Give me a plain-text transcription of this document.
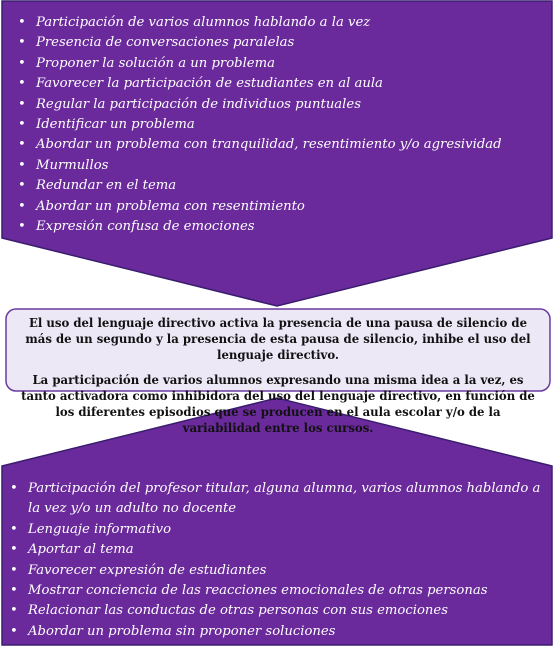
• Participación de varios alumnos hablando a la vez
• Presencia de conversaciones paralelas
• Proponer la solución a un problema
• Favorecer la participación de estudiantes en al aula
• Regular la participación de individuos puntuales
• Identificar un problema
• Abordar un problema con tranquilidad, resentimiento y/o agresividad
• Murmullos
• Redundar en el tema
• Abordar un problema con resentimiento
• Expresión confusa de emociones

El uso del lenguaje directivo activa la presencia de una pausa de silencio de más de un segundo y la presencia de esta pausa de silencio, inhibe el uso del lenguaje directivo.

La participación de varios alumnos expresando una misma idea a la vez, es tanto activadora como inhibidora del uso del lenguaje directivo, en función de los diferentes episodios que se producen en el aula escolar y/o de la variabilidad entre los cursos.

• Participación del profesor titular, alguna alumna, varios alumnos hablando a la vez y/o un adulto no docente
• Lenguaje informativo
• Aportar al tema
• Favorecer expresión de estudiantes
• Mostrar conciencia de las reacciones emocionales de otras personas
• Relacionar las conductas de otras personas con sus emociones
• Abordar un problema sin proponer soluciones
